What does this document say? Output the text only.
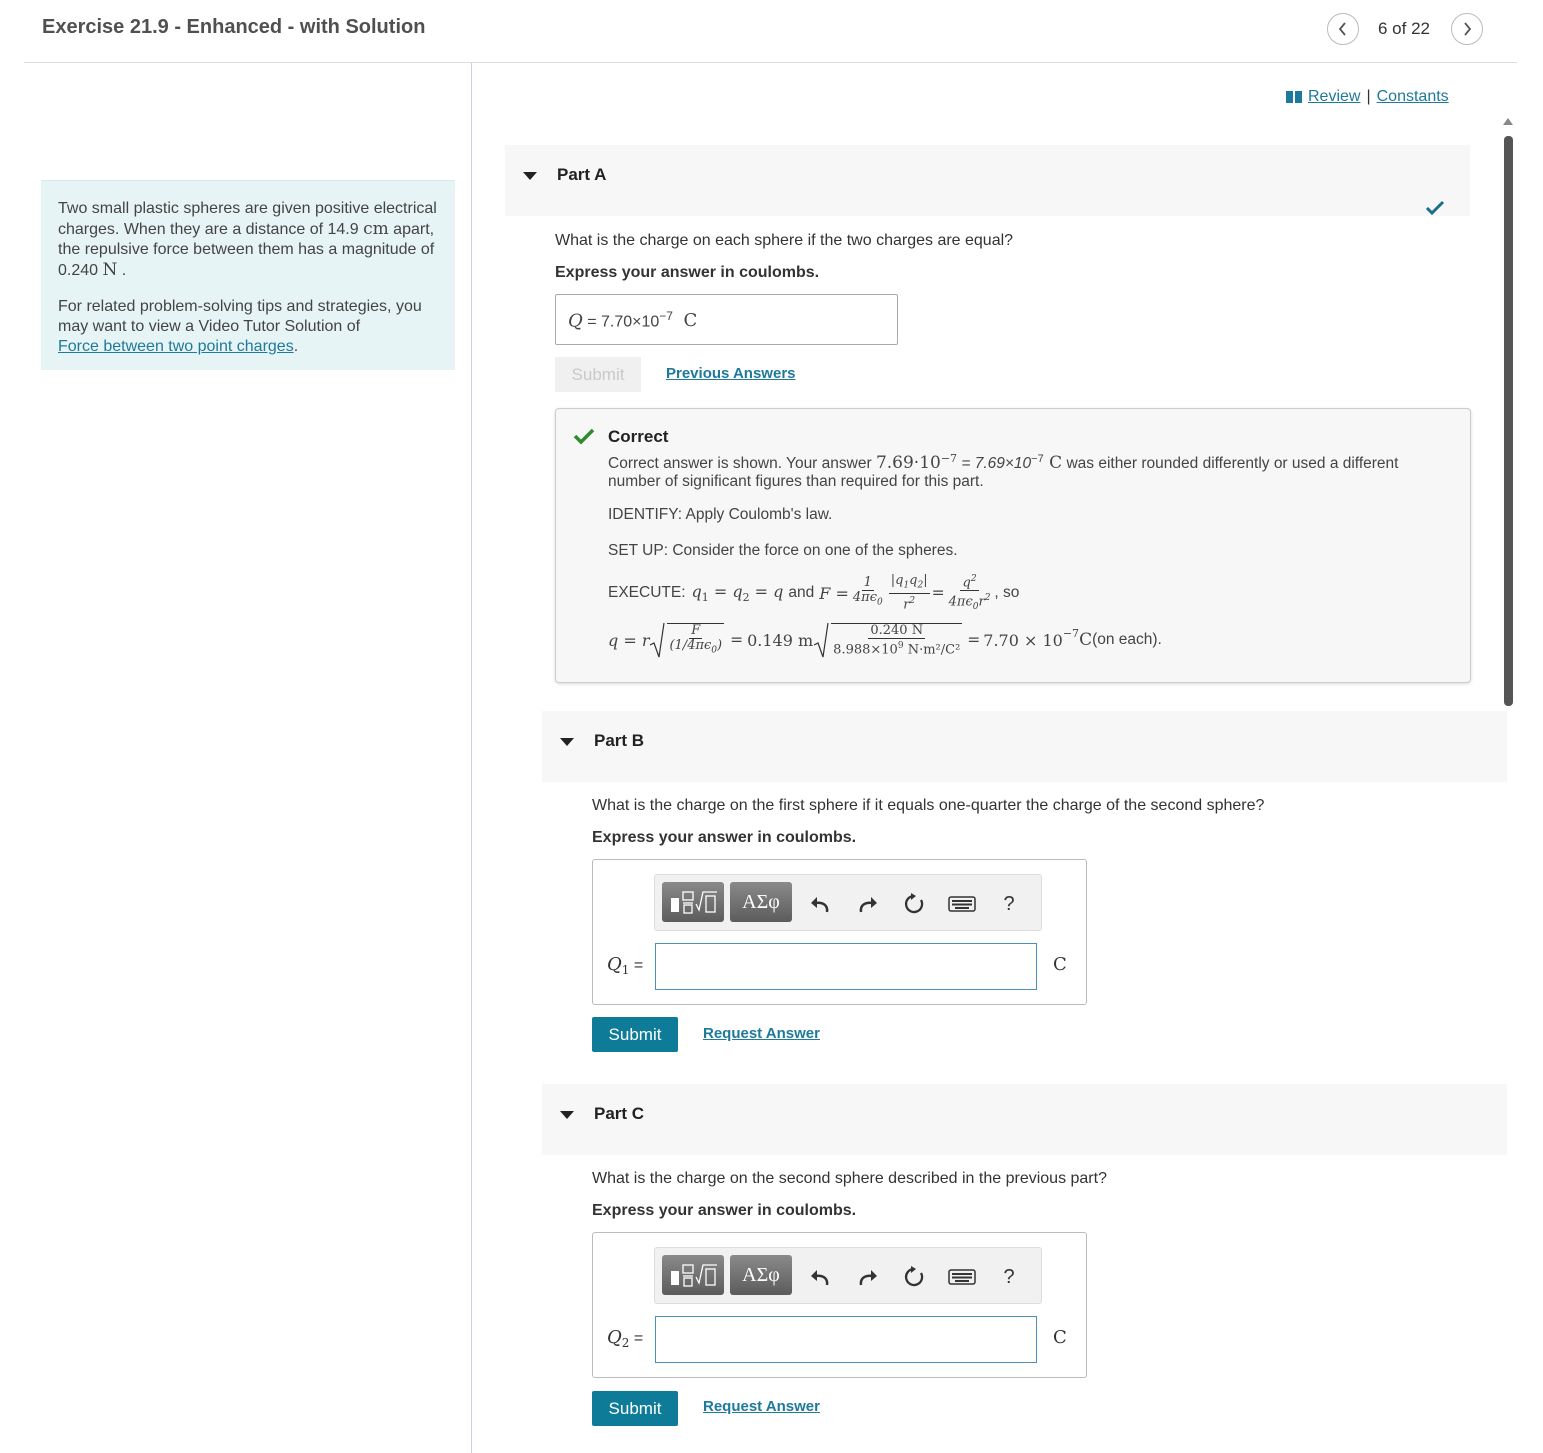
Exercise 21.9 - Enhanced - with Solution	6 of 22

Two small plastic spheres are given positive electrical charges. When they are a distance of 14.9 cm apart, the repulsive force between them has a magnitude of 0.240 N .

For related problem-solving tips and strategies, you may want to view a Video Tutor Solution of
Force between two point charges.

Review | Constants
Part A
What is the charge on each sphere if the two charges are equal?
Express your answer in coulombs.
$Q = 7.70\times 10^{-7}$ C
Submit	Previous Answers
Correct
Correct answer is shown. Your answer $7.69\cdot 10^{-7} = 7.69\times 10^{-7}$ C was either rounded differently or used a different
number of significant figures than required for this part.
IDENTIFY: Apply Coulomb's law.
SET UP: Consider the force on one of the spheres.
EXECUTE: $q_1 = q_2 = q$ and $F = \frac{1}{4\pi\epsilon_0} \frac{|q_1q_2|}{r^2} = \frac{q^2}{4\pi\epsilon_0r^2}$ , so
q = r $\frac{F}{(1/4\pi\epsilon_0)} = 0.149$ m $\frac{0.240 N}{8.988\times 10^9 N\cdot m^2/C^2} = 7.70 \times 10^{-7}$ C (on each).
Part B
What is the charge on the first sphere if it equals one-quarter the charge of the second sphere?
Express your answer in coulombs.
ΑΣφ	?
$Q_1$ =	C
Submit	Request Answer
Part C
What is the charge on the second sphere described in the previous part?
Express your answer in coulombs.
ΑΣφ	?
$Q_2$ =	C
Submit	Request Answer
